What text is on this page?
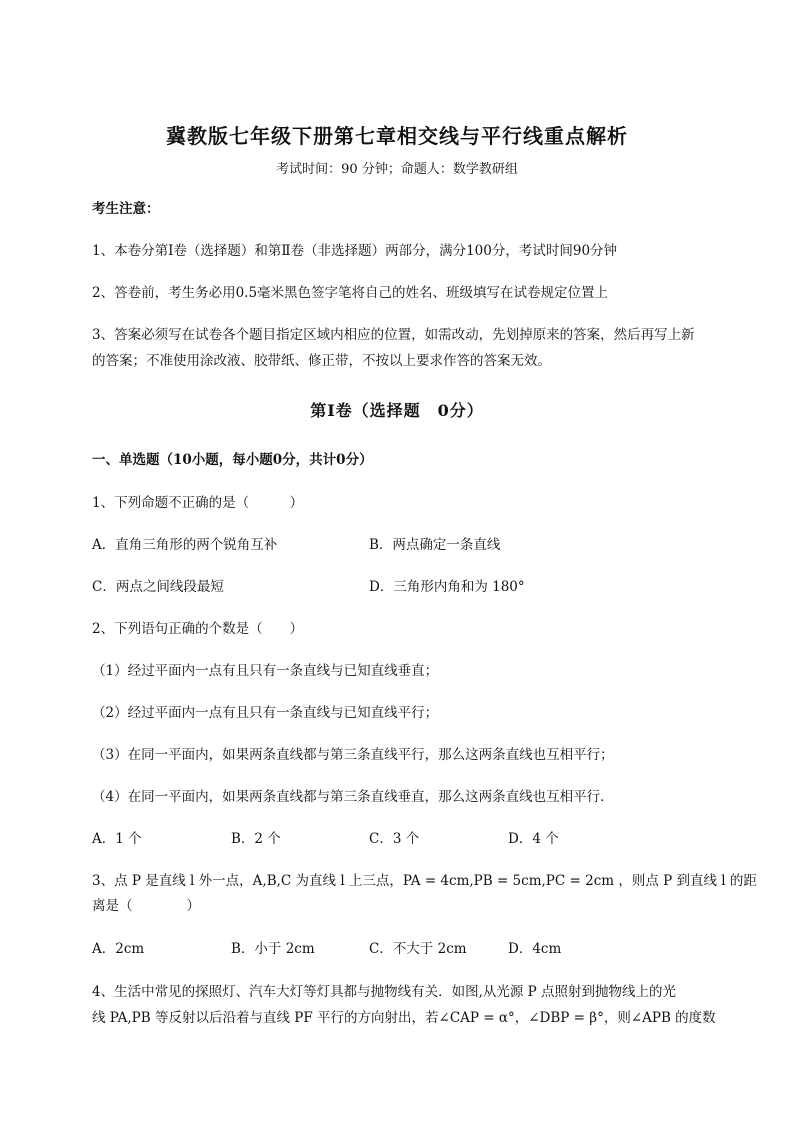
冀教版七年级下册第七章相交线与平行线重点解析
考试时间：90 分钟；命题人：数学教研组
考生注意：
1、本卷分第Ⅰ卷（选择题）和第Ⅱ卷（非选择题）两部分，满分100分，考试时间90分钟
2、答卷前，考生务必用0.5毫米黑色签字笔将自己的姓名、班级填写在试卷规定位置上
3、答案必须写在试卷各个题目指定区域内相应的位置，如需改动，先划掉原来的答案，然后再写上新
的答案；不准使用涂改液、胶带纸、修正带，不按以上要求作答的答案无效。
第Ⅰ卷（选择题　0分）
一、单选题（10小题，每小题0分，共计0分）
1、下列命题不正确的是（　　　）
A．直角三角形的两个锐角互补	B．两点确定一条直线
C．两点之间线段最短	D．三角形内角和为 180°
2、下列语句正确的个数是（　　）
（1）经过平面内一点有且只有一条直线与已知直线垂直；
（2）经过平面内一点有且只有一条直线与已知直线平行；
（3）在同一平面内，如果两条直线都与第三条直线平行，那么这两条直线也互相平行；
（4）在同一平面内，如果两条直线都与第三条直线垂直，那么这两条直线也互相平行．
A．1 个	B．2 个	C．3 个	D．4 个
3、点 P 是直线 l 外一点，A,B,C 为直线 l 上三点，PA = 4cm,PB = 5cm,PC = 2cm ，则点 P 到直线 l 的距
离是（　　　　）
A．2cm	B．小于 2cm	C．不大于 2cm	D．4cm
4、生活中常见的探照灯、汽车大灯等灯具都与抛物线有关．如图,从光源 P 点照射到抛物线上的光
线 PA,PB 等反射以后沿着与直线 PF 平行的方向射出，若∠CAP = α°，∠DBP = β°，则∠APB 的度数
